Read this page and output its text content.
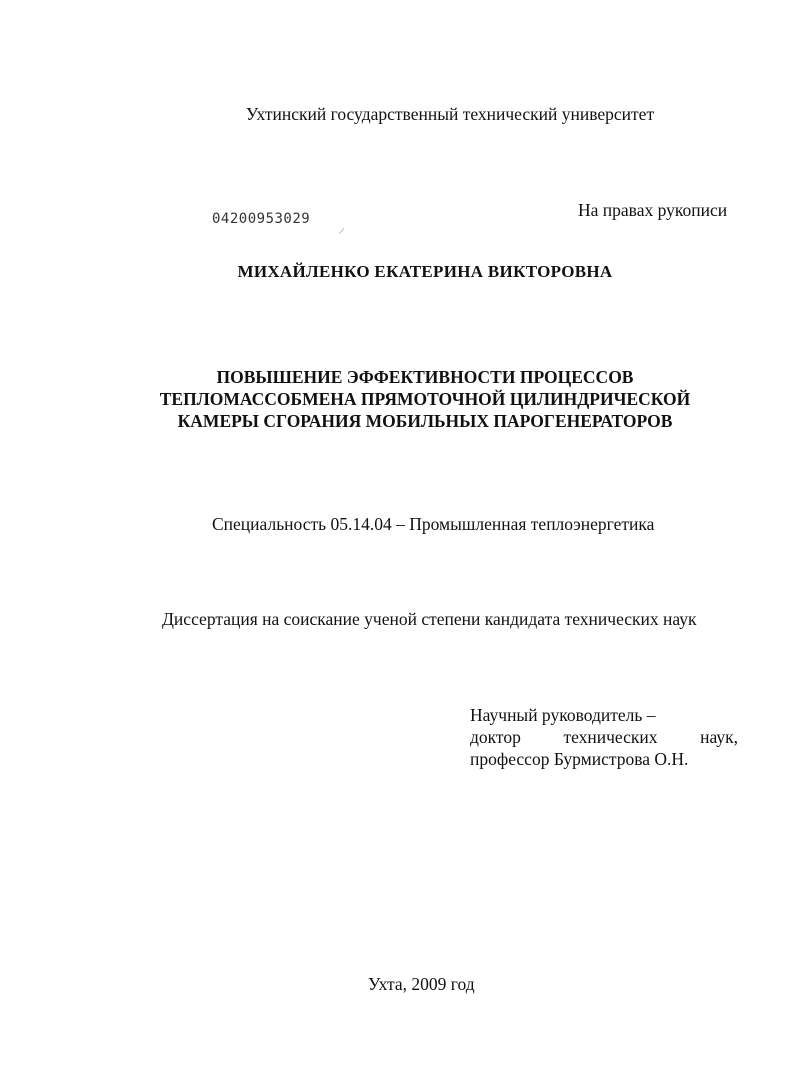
Ухтинский государственный технический университет
04200953029
/
На правах рукописи
МИХАЙЛЕНКО ЕКАТЕРИНА ВИКТОРОВНА
ПОВЫШЕНИЕ ЭФФЕКТИВНОСТИ ПРОЦЕССОВ
ТЕПЛОМАССОБМЕНА ПРЯМОТОЧНОЙ ЦИЛИНДРИЧЕСКОЙ
КАМЕРЫ СГОРАНИЯ МОБИЛЬНЫХ ПАРОГЕНЕРАТОРОВ
Специальность 05.14.04 – Промышленная теплоэнергетика
Диссертация на соискание ученой степени кандидата технических наук
Научный руководитель –
доктор технических наук,
профессор Бурмистрова О.Н.
Ухта, 2009 год
